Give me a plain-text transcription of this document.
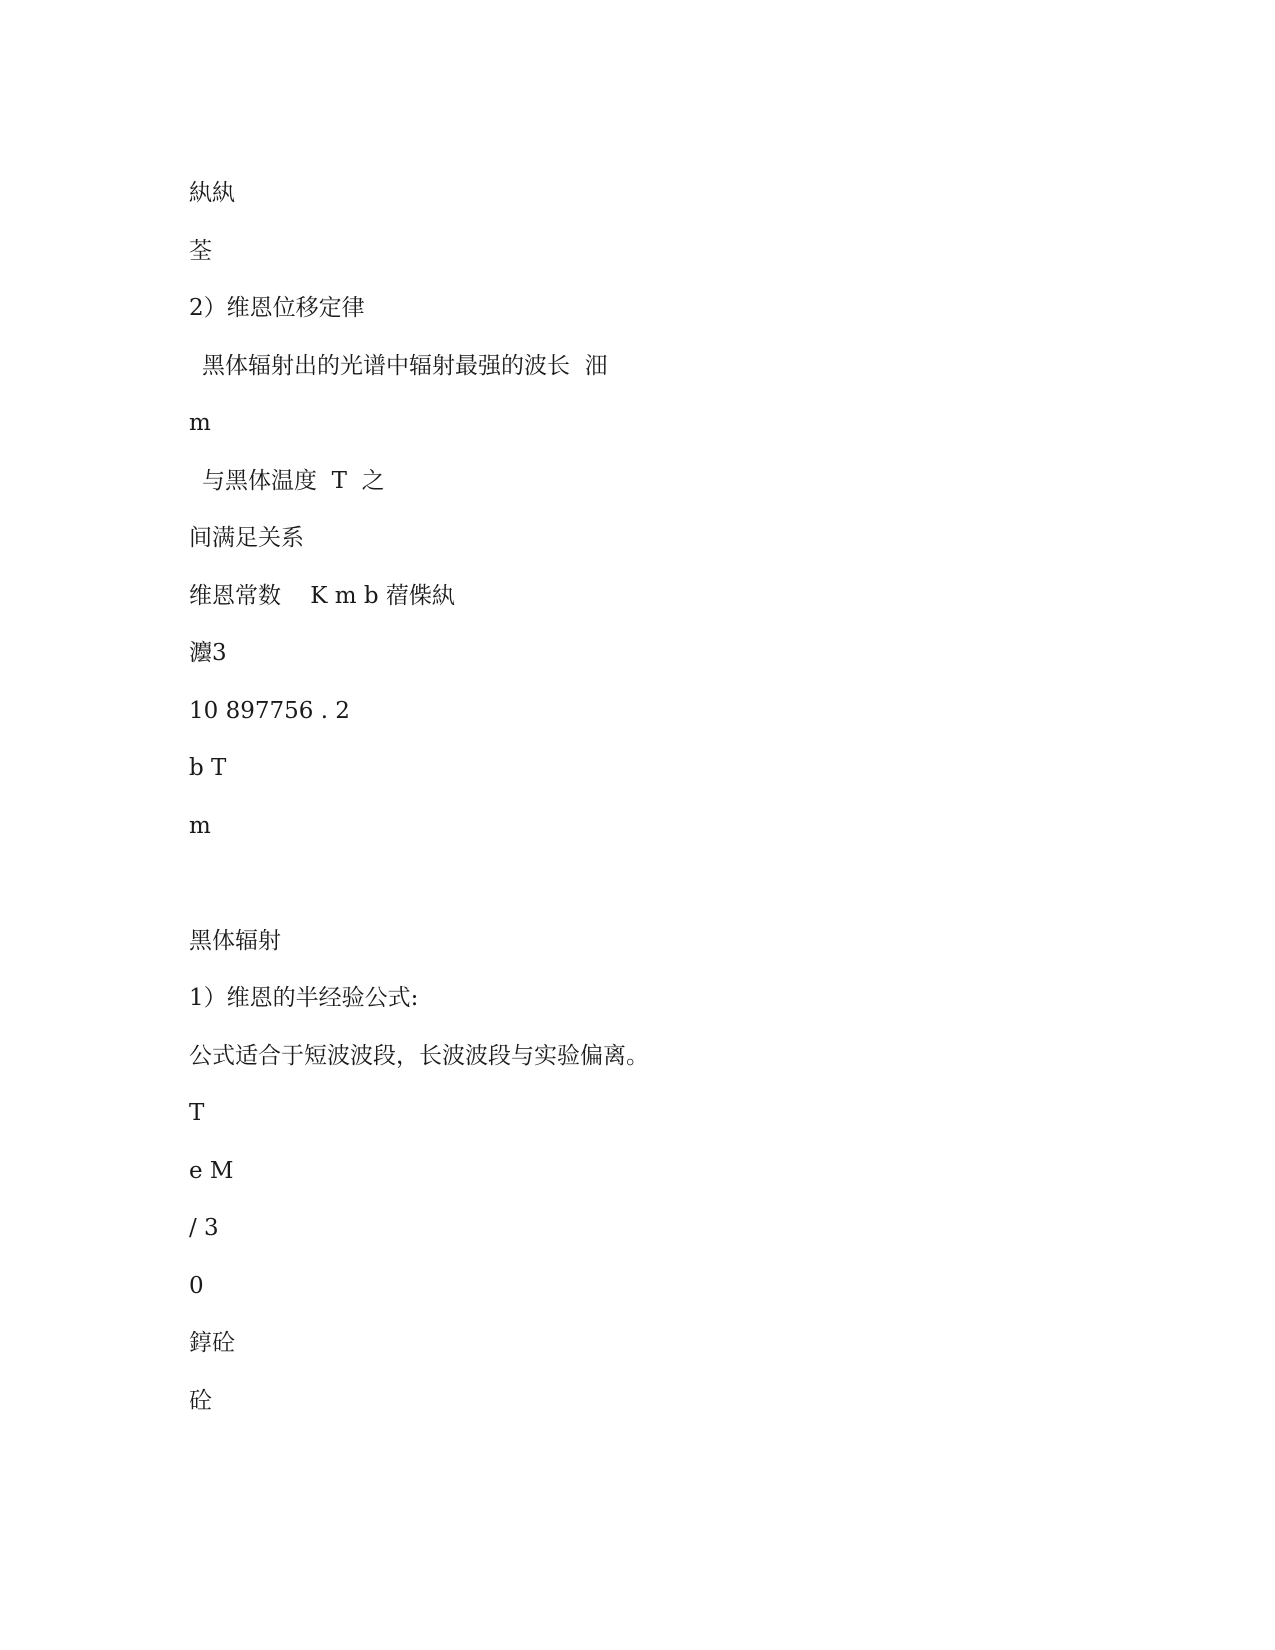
紈紈
荃
2）维恩位移定律
黑体辐射出的光谱中辐射最强的波长  沺
m
与黑体温度  T  之
间满足关系
维恩常数    K m b 蓿偨紈
灋3
10 897756 . 2
b T
m
黑体辐射
1）维恩的半经验公式:
公式适合于短波波段，长波波段与实验偏离。
T
e M
/ 3
0
錞砼
砼
